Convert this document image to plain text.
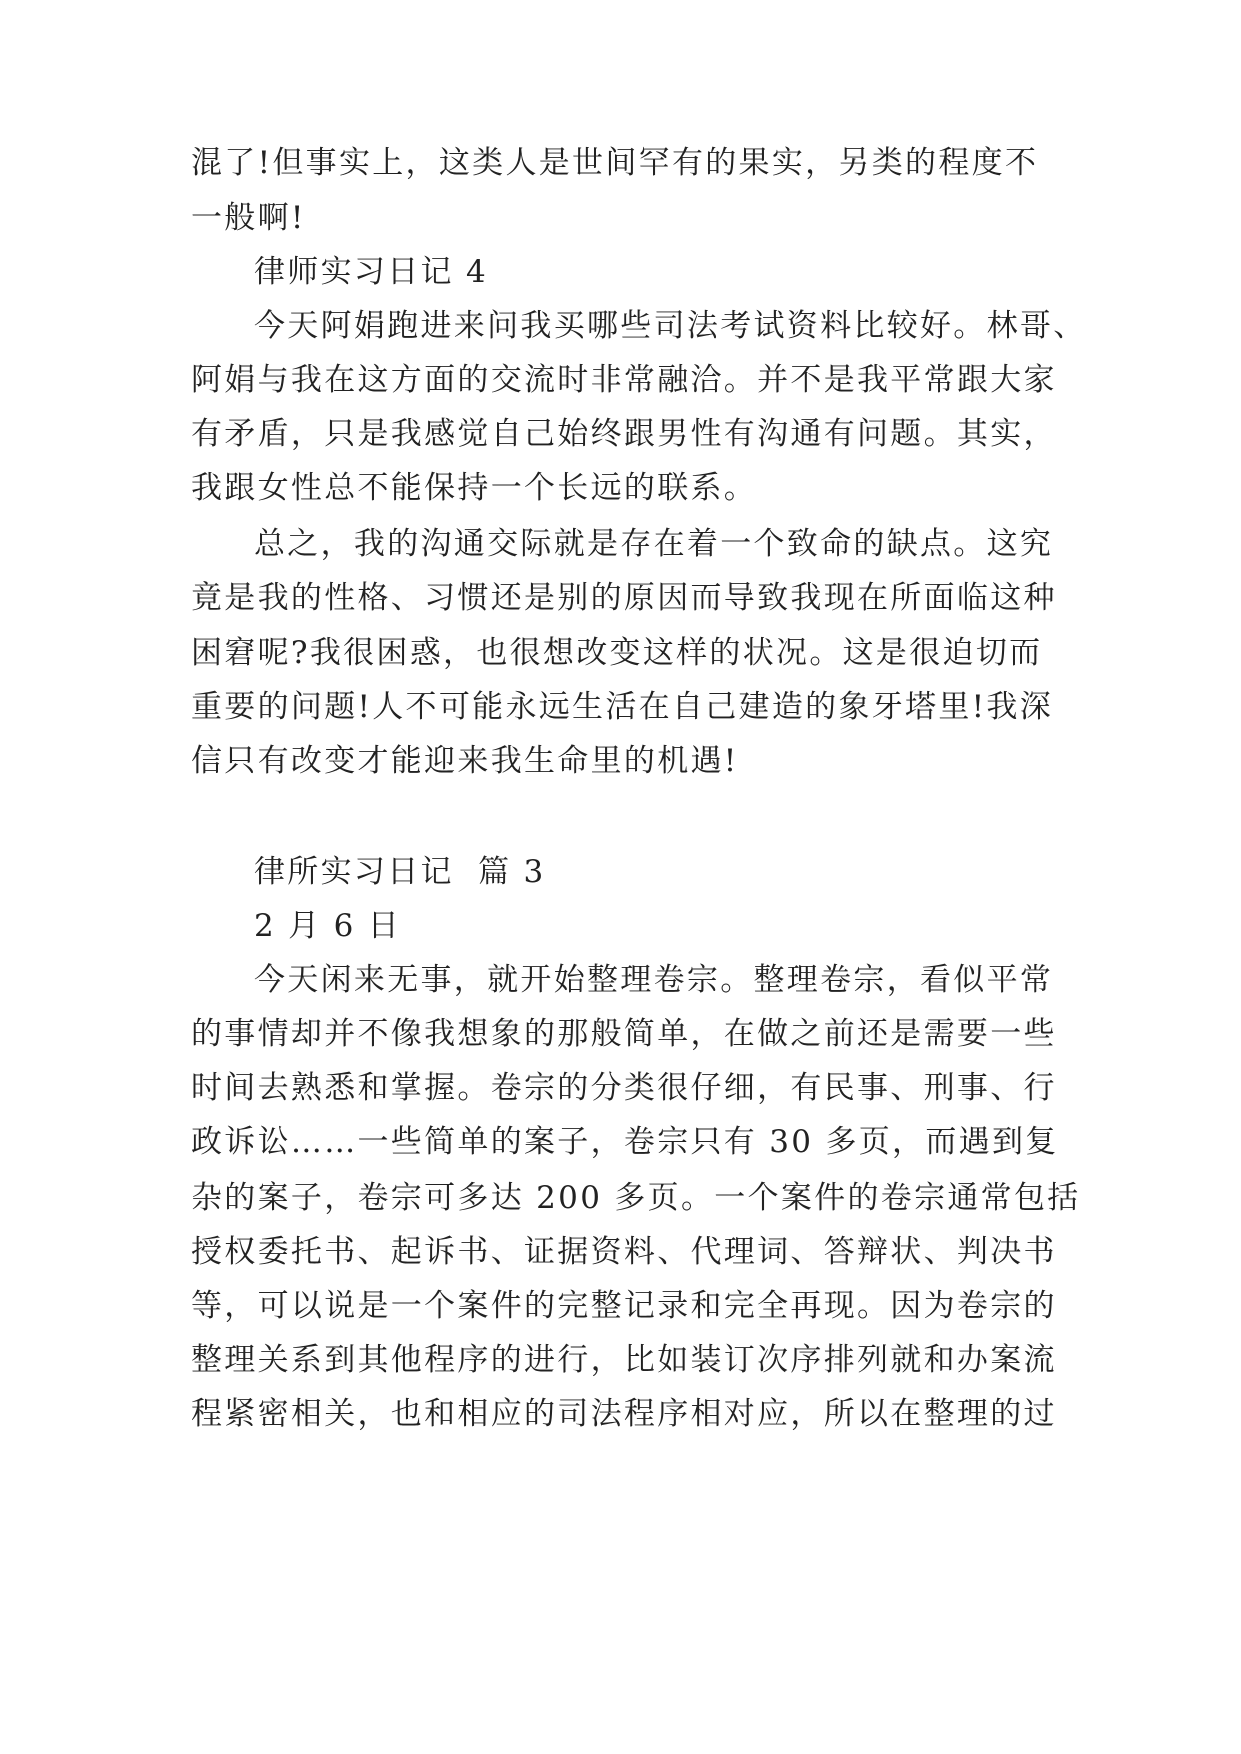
混了!但事实上，这类人是世间罕有的果实，另类的程度不
一般啊!
律师实习日记 4
今天阿娟跑进来问我买哪些司法考试资料比较好。林哥、
阿娟与我在这方面的交流时非常融洽。并不是我平常跟大家
有矛盾，只是我感觉自己始终跟男性有沟通有问题。其实，
我跟女性总不能保持一个长远的联系。
总之，我的沟通交际就是存在着一个致命的缺点。这究
竟是我的性格、习惯还是别的原因而导致我现在所面临这种
困窘呢?我很困惑，也很想改变这样的状况。这是很迫切而
重要的问题!人不可能永远生活在自己建造的象牙塔里!我深
信只有改变才能迎来我生命里的机遇!
律所实习日记  篇 3
2 月 6 日
今天闲来无事，就开始整理卷宗。整理卷宗，看似平常
的事情却并不像我想象的那般简单，在做之前还是需要一些
时间去熟悉和掌握。卷宗的分类很仔细，有民事、刑事、行
政诉讼……一些简单的案子，卷宗只有 30 多页，而遇到复
杂的案子，卷宗可多达 200 多页。一个案件的卷宗通常包括
授权委托书、起诉书、证据资料、代理词、答辩状、判决书
等，可以说是一个案件的完整记录和完全再现。因为卷宗的
整理关系到其他程序的进行，比如装订次序排列就和办案流
程紧密相关，也和相应的司法程序相对应，所以在整理的过
